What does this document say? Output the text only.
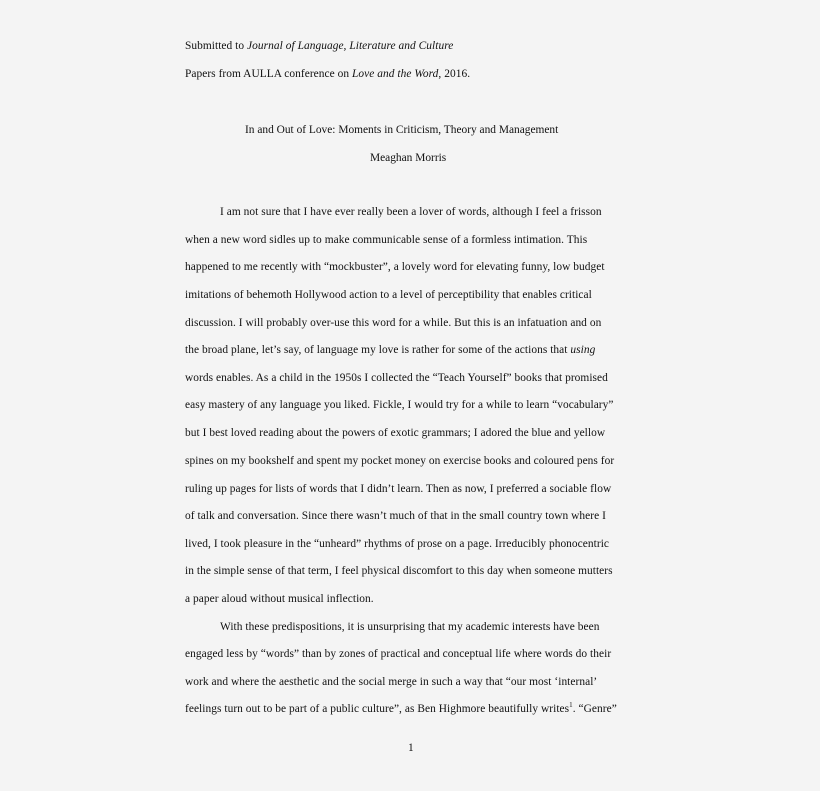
Submitted to Journal of Language, Literature and Culture
Papers from AULLA conference on Love and the Word, 2016.
In and Out of Love: Moments in Criticism, Theory and Management
Meaghan Morris
I am not sure that I have ever really been a lover of words, although I feel a frisson
when a new word sidles up to make communicable sense of a formless intimation. This
happened to me recently with “mockbuster”, a lovely word for elevating funny, low budget
imitations of behemoth Hollywood action to a level of perceptibility that enables critical
discussion. I will probably over-use this word for a while. But this is an infatuation and on
the broad plane, let’s say, of language my love is rather for some of the actions that using
words enables. As a child in the 1950s I collected the “Teach Yourself” books that promised
easy mastery of any language you liked. Fickle, I would try for a while to learn “vocabulary”
but I best loved reading about the powers of exotic grammars; I adored the blue and yellow
spines on my bookshelf and spent my pocket money on exercise books and coloured pens for
ruling up pages for lists of words that I didn’t learn. Then as now, I preferred a sociable flow
of talk and conversation. Since there wasn’t much of that in the small country town where I
lived, I took pleasure in the “unheard” rhythms of prose on a page. Irreducibly phonocentric
in the simple sense of that term, I feel physical discomfort to this day when someone mutters
a paper aloud without musical inflection.
With these predispositions, it is unsurprising that my academic interests have been
engaged less by “words” than by zones of practical and conceptual life where words do their
work and where the aesthetic and the social merge in such a way that “our most ‘internal’
feelings turn out to be part of a public culture”, as Ben Highmore beautifully writes$^1$. “Genre”
1
